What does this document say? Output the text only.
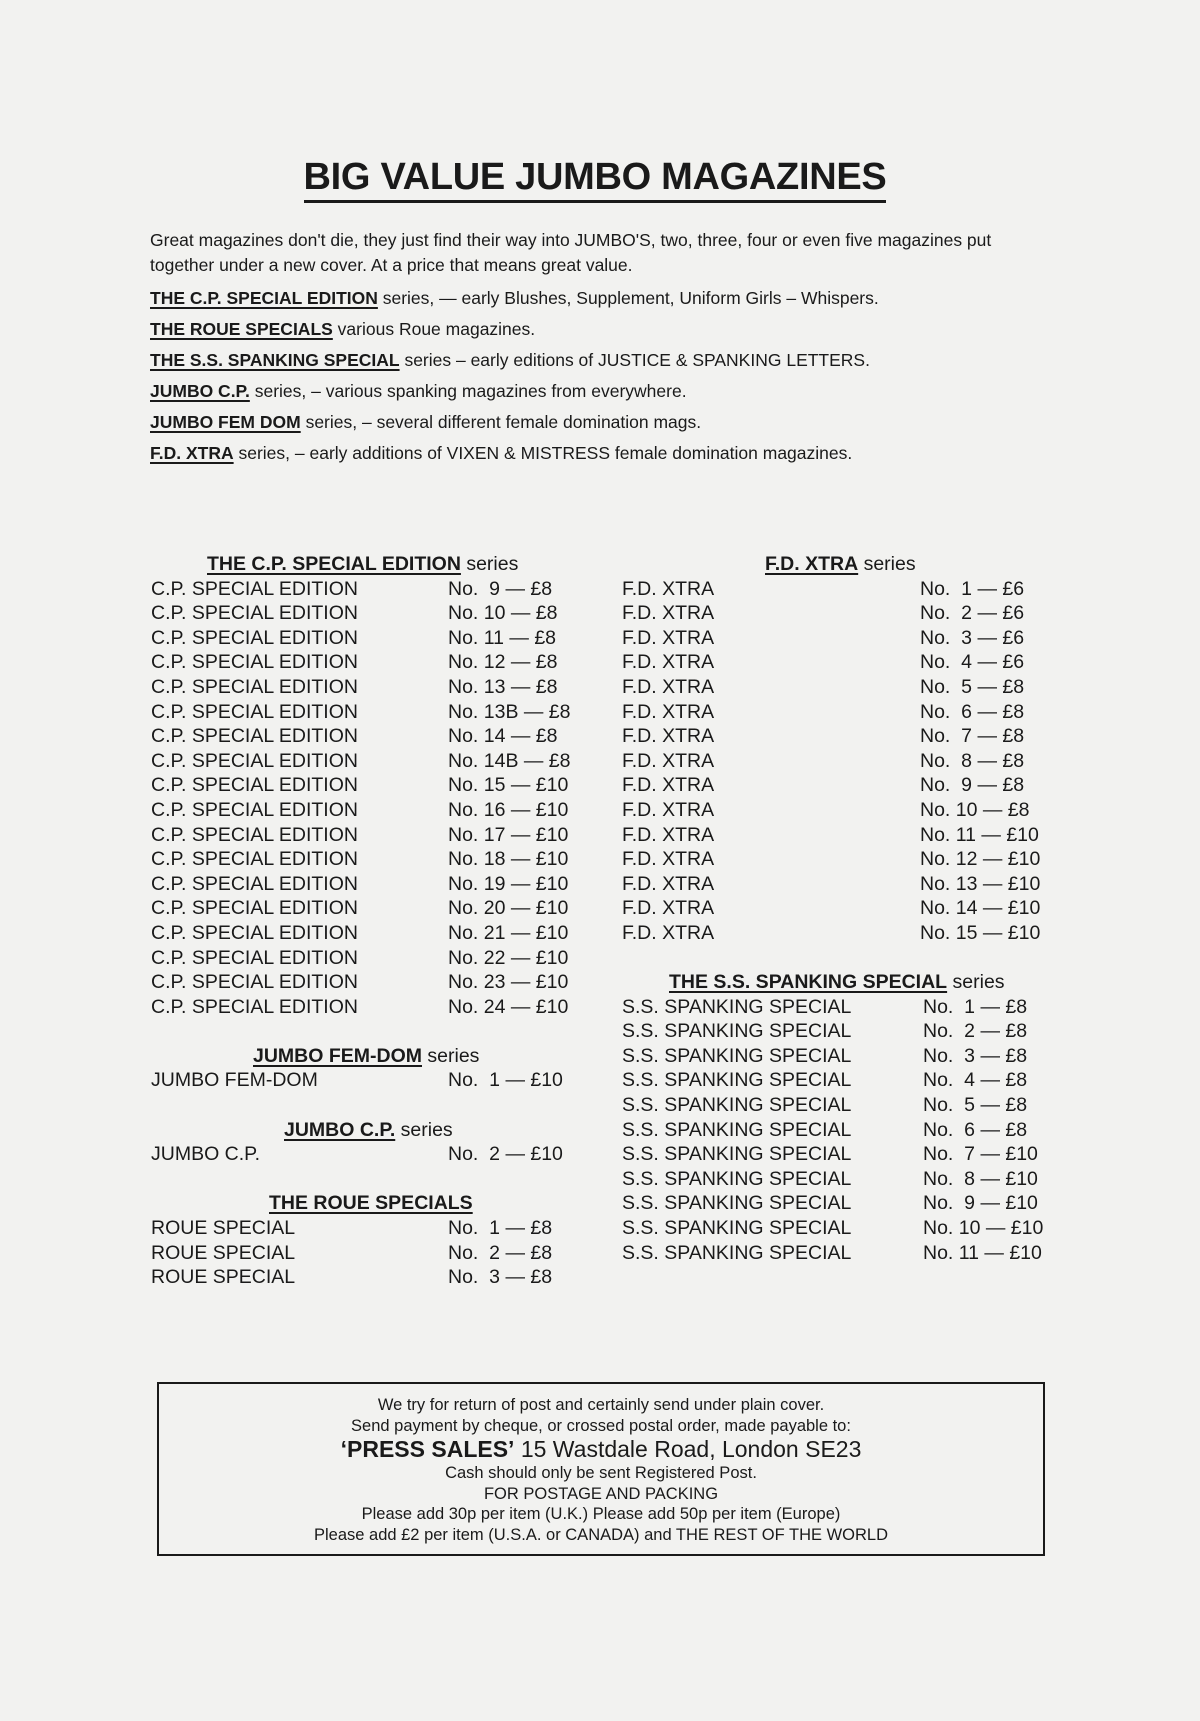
BIG VALUE JUMBO MAGAZINES
Great magazines don't die, they just find their way into JUMBO'S, two, three, four or even five magazines put together under a new cover. At a price that means great value.
THE C.P. SPECIAL EDITION series, — early Blushes, Supplement, Uniform Girls – Whispers.
THE ROUE SPECIALS various Roue magazines.
THE S.S. SPANKING SPECIAL series – early editions of JUSTICE & SPANKING LETTERS.
JUMBO C.P. series, – various spanking magazines from everywhere.
JUMBO FEM DOM series, – several different female domination mags.
F.D. XTRA series, – early additions of VIXEN & MISTRESS female domination magazines.
THE C.P. SPECIAL EDITION series
C.P. SPECIAL EDITION	No.  9 — £8
C.P. SPECIAL EDITION	No. 10 — £8
C.P. SPECIAL EDITION	No. 11 — £8
C.P. SPECIAL EDITION	No. 12 — £8
C.P. SPECIAL EDITION	No. 13 — £8
C.P. SPECIAL EDITION	No. 13B — £8
C.P. SPECIAL EDITION	No. 14 — £8
C.P. SPECIAL EDITION	No. 14B — £8
C.P. SPECIAL EDITION	No. 15 — £10
C.P. SPECIAL EDITION	No. 16 — £10
C.P. SPECIAL EDITION	No. 17 — £10
C.P. SPECIAL EDITION	No. 18 — £10
C.P. SPECIAL EDITION	No. 19 — £10
C.P. SPECIAL EDITION	No. 20 — £10
C.P. SPECIAL EDITION	No. 21 — £10
C.P. SPECIAL EDITION	No. 22 — £10
C.P. SPECIAL EDITION	No. 23 — £10
C.P. SPECIAL EDITION	No. 24 — £10
JUMBO FEM-DOM series
JUMBO FEM-DOM	No.  1 — £10
JUMBO C.P. series
JUMBO C.P.	No.  2 — £10
THE ROUE SPECIALS
ROUE SPECIAL	No.  1 — £8
ROUE SPECIAL	No.  2 — £8
ROUE SPECIAL	No.  3 — £8
F.D. XTRA series
F.D. XTRA	No.  1 — £6
F.D. XTRA	No.  2 — £6
F.D. XTRA	No.  3 — £6
F.D. XTRA	No.  4 — £6
F.D. XTRA	No.  5 — £8
F.D. XTRA	No.  6 — £8
F.D. XTRA	No.  7 — £8
F.D. XTRA	No.  8 — £8
F.D. XTRA	No.  9 — £8
F.D. XTRA	No. 10 — £8
F.D. XTRA	No. 11 — £10
F.D. XTRA	No. 12 — £10
F.D. XTRA	No. 13 — £10
F.D. XTRA	No. 14 — £10
F.D. XTRA	No. 15 — £10
THE S.S. SPANKING SPECIAL series
S.S. SPANKING SPECIAL	No.  1 — £8
S.S. SPANKING SPECIAL	No.  2 — £8
S.S. SPANKING SPECIAL	No.  3 — £8
S.S. SPANKING SPECIAL	No.  4 — £8
S.S. SPANKING SPECIAL	No.  5 — £8
S.S. SPANKING SPECIAL	No.  6 — £8
S.S. SPANKING SPECIAL	No.  7 — £10
S.S. SPANKING SPECIAL	No.  8 — £10
S.S. SPANKING SPECIAL	No.  9 — £10
S.S. SPANKING SPECIAL	No. 10 — £10
S.S. SPANKING SPECIAL	No. 11 — £10
We try for return of post and certainly send under plain cover.
Send payment by cheque, or crossed postal order, made payable to:
‘PRESS SALES’ 15 Wastdale Road, London SE23
Cash should only be sent Registered Post.
FOR POSTAGE AND PACKING
Please add 30p per item (U.K.) Please add 50p per item (Europe)
Please add £2 per item (U.S.A. or CANADA) and THE REST OF THE WORLD
